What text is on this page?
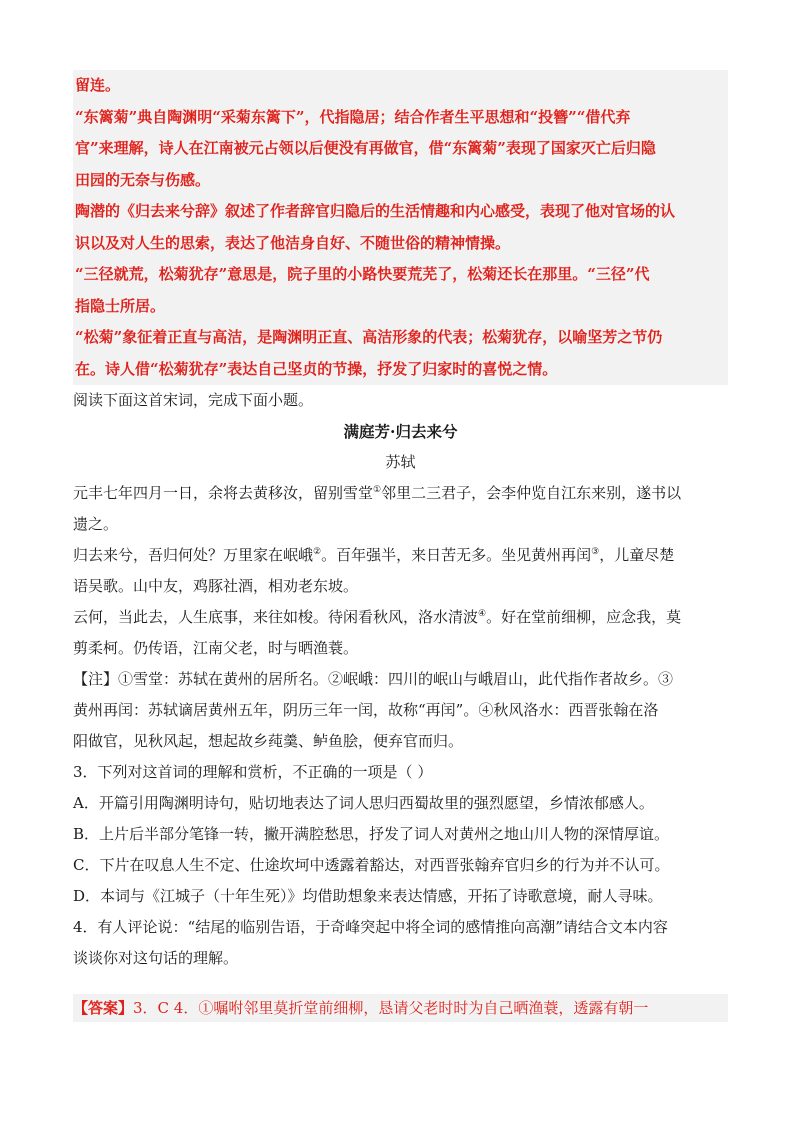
留连。

“东篱菊”典自陶渊明“采菊东篱下”，代指隐居；结合作者生平思想和“投簪”“借代弃

官”来理解，诗人在江南被元占领以后便没有再做官，借“东篱菊”表现了国家灭亡后归隐

田园的无奈与伤感。

陶潜的《归去来兮辞》叙述了作者辞官归隐后的生活情趣和内心感受，表现了他对官场的认

识以及对人生的思索，表达了他洁身自好、不随世俗的精神情操。

“三径就荒，松菊犹存”意思是，院子里的小路快要荒芜了，松菊还长在那里。“三径”代

指隐士所居。

“松菊”象征着正直与高洁，是陶渊明正直、高洁形象的代表；松菊犹存，以喻坚芳之节仍

在。诗人借“松菊犹存”表达自己坚贞的节操，抒发了归家时的喜悦之情。

阅读下面这首宋词，完成下面小题。

满庭芳·归去来兮

苏轼

元丰七年四月一日，余将去黄移汝，留别雪堂①邻里二三君子，会李仲览自江东来别，遂书以

遗之。

归去来兮，吾归何处？万里家在岷峨②。百年强半，来日苦无多。坐见黄州再闰③，儿童尽楚

语吴歌。山中友，鸡豚社酒，相劝老东坡。

云何，当此去，人生底事，来往如梭。待闲看秋风，洛水清波④。好在堂前细柳，应念我，莫

剪柔柯。仍传语，江南父老，时与晒渔蓑。

【注】①雪堂：苏轼在黄州的居所名。②岷峨：四川的岷山与峨眉山，此代指作者故乡。③

黄州再闰：苏轼谪居黄州五年，阴历三年一闰，故称“再闰”。④秋风洛水：西晋张翰在洛

阳做官，见秋风起，想起故乡莼羹、鲈鱼脍，便弃官而归。

3．下列对这首词的理解和赏析，不正确的一项是（ ）

A．开篇引用陶渊明诗句，贴切地表达了词人思归西蜀故里的强烈愿望，乡情浓郁感人。

B．上片后半部分笔锋一转，撇开满腔愁思，抒发了词人对黄州之地山川人物的深情厚谊。

C．下片在叹息人生不定、仕途坎坷中透露着豁达，对西晋张翰弃官归乡的行为并不认可。

D．本词与《江城子（十年生死）》均借助想象来表达情感，开拓了诗歌意境，耐人寻味。

4．有人评论说：“结尾的临别告语，于奇峰突起中将全词的感情推向高潮”请结合文本内容

谈谈你对这句话的理解。

【答案】3．C 4．①嘱咐邻里莫折堂前细柳，恳请父老时时为自己晒渔蓑，透露有朝一
